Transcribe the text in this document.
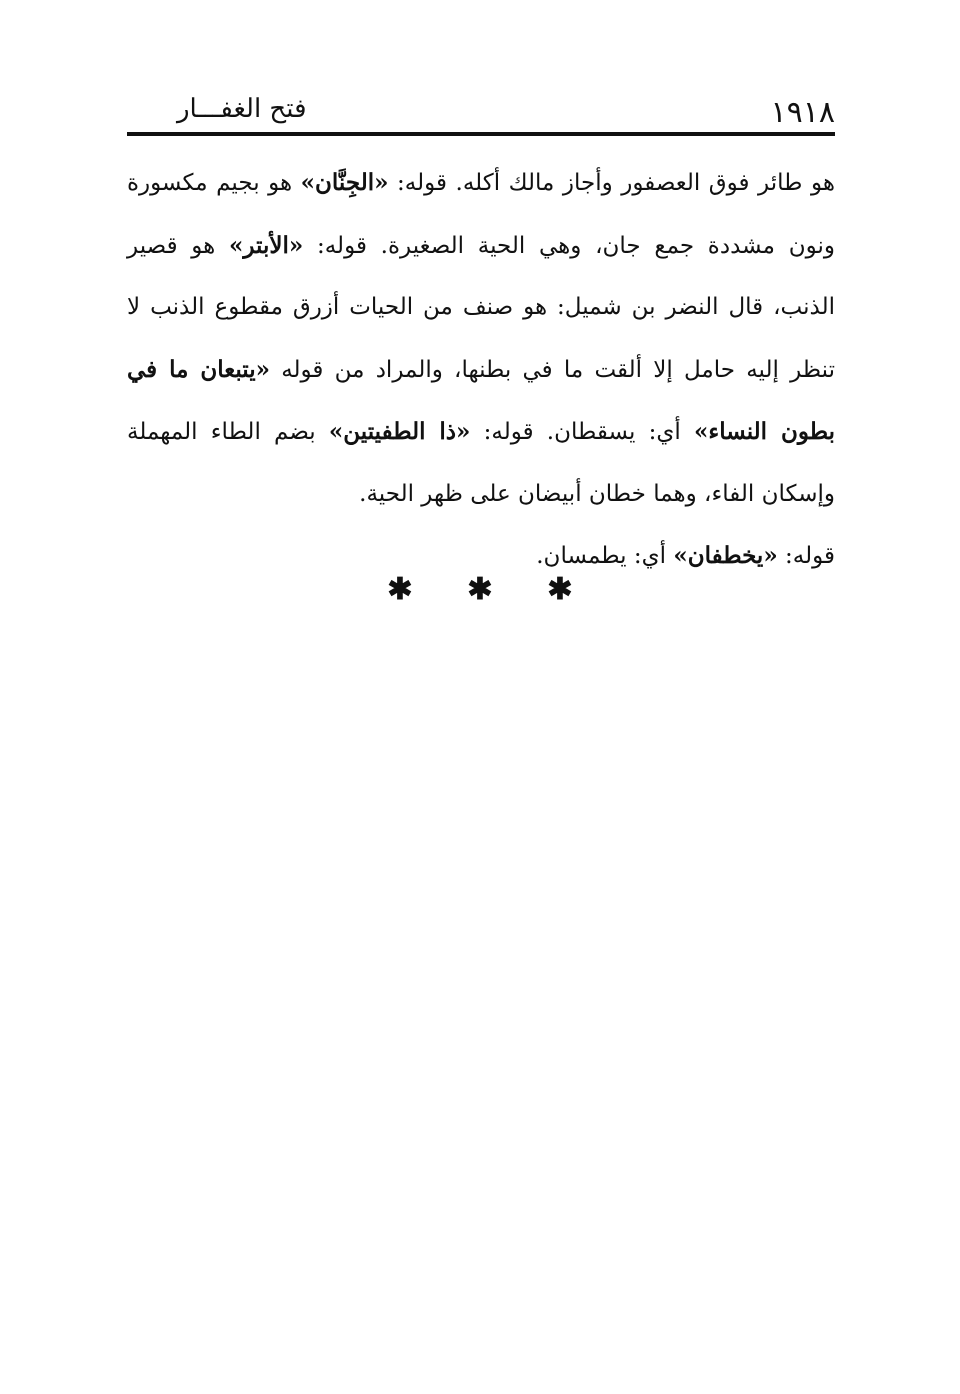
١٩١٨
فتح الغفـــار

هو طائر فوق العصفور وأجاز مالك أكله. قوله: «الجِنَّان» هو بجيم مكسورة ونون مشددة جمع جان، وهي الحية الصغيرة. قوله: «الأبتر» هو قصير الذنب، قال النضر بن شميل: هو صنف من الحيات أزرق مقطوع الذنب لا تنظر إليه حامل إلا ألقت ما في بطنها، والمراد من قوله «يتبعان ما في بطون النساء» أي: يسقطان. قوله: «ذا الطفيتين» بضم الطاء المهملة وإسكان الفاء، وهما خطان أبيضان على ظهر الحية.

قوله: «يخطفان» أي: يطمسان.

✱ ✱ ✱
